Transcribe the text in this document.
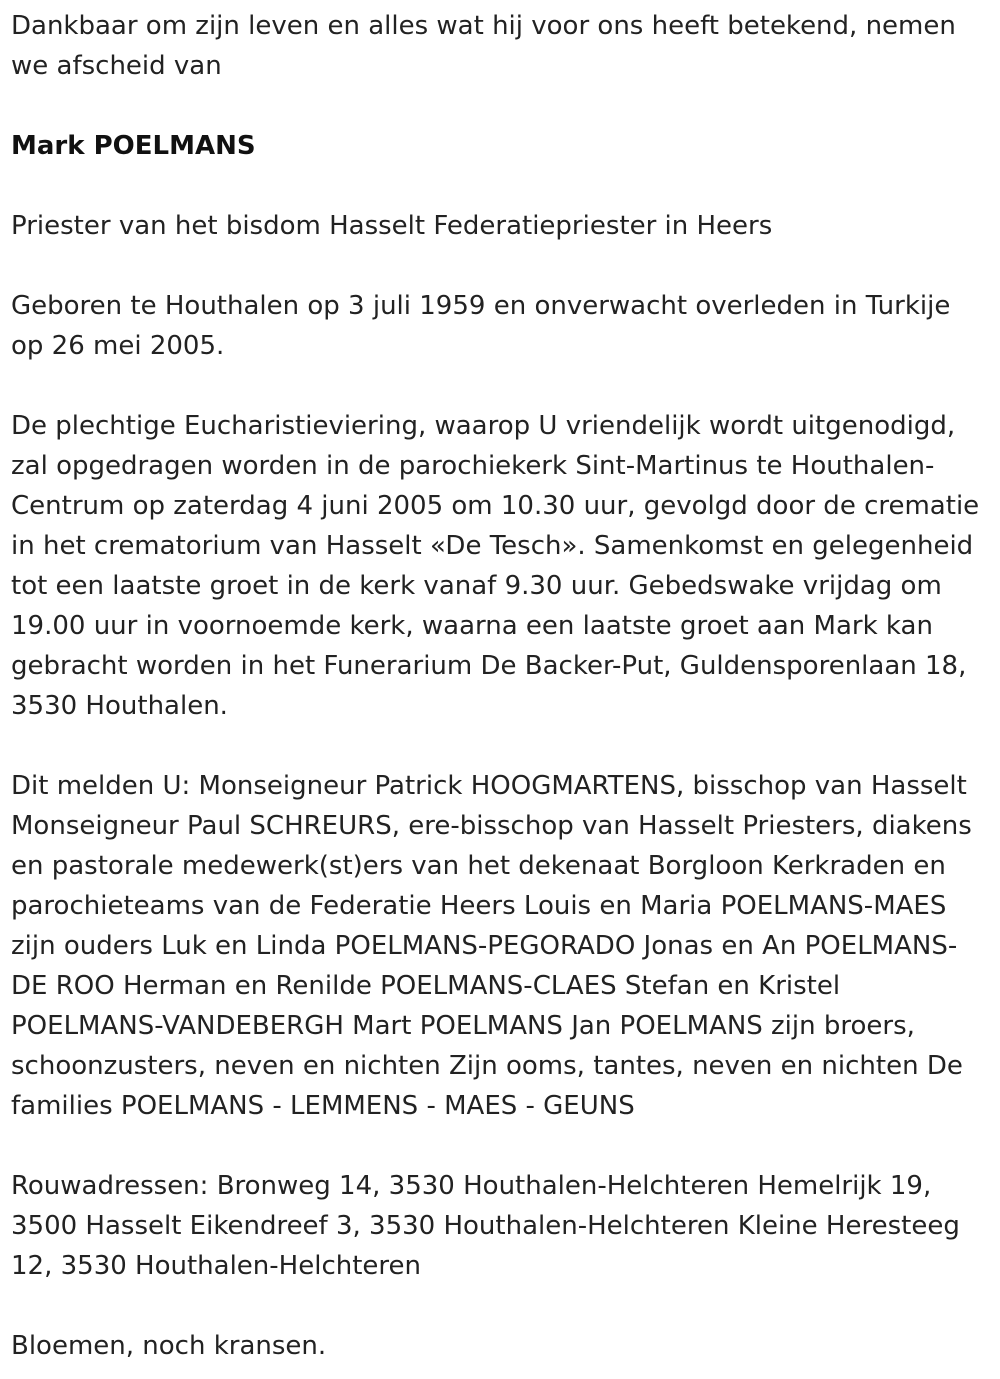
Dankbaar om zijn leven en alles wat hij voor ons heeft betekend, nemen we afscheid van

Mark POELMANS

Priester van het bisdom Hasselt Federatiepriester in Heers

Geboren te Houthalen op 3 juli 1959 en onverwacht overleden in Turkije op 26 mei 2005.

De plechtige Eucharistieviering, waarop U vriendelijk wordt uitgenodigd, zal opgedragen worden in de parochiekerk Sint-Martinus te Houthalen-Centrum op zaterdag 4 juni 2005 om 10.30 uur, gevolgd door de crematie in het crematorium van Hasselt «De Tesch». Samenkomst en gelegenheid tot een laatste groet in de kerk vanaf 9.30 uur. Gebedswake vrijdag om 19.00 uur in voornoemde kerk, waarna een laatste groet aan Mark kan gebracht worden in het Funerarium De Backer-Put, Guldensporenlaan 18, 3530 Houthalen.

Dit melden U: Monseigneur Patrick HOOGMARTENS, bisschop van Hasselt Monseigneur Paul SCHREURS, ere-bisschop van Hasselt Priesters, diakens en pastorale medewerk(st)ers van het dekenaat Borgloon Kerkraden en parochieteams van de Federatie Heers Louis en Maria POELMANS-MAES zijn ouders Luk en Linda POELMANS-PEGORADO Jonas en An POELMANS-DE ROO Herman en Renilde POELMANS-CLAES Stefan en Kristel POELMANS-VANDEBERGH Mart POELMANS Jan POELMANS zijn broers, schoonzusters, neven en nichten Zijn ooms, tantes, neven en nichten De families POELMANS - LEMMENS - MAES - GEUNS

Rouwadressen: Bronweg 14, 3530 Houthalen-Helchteren Hemelrijk 19, 3500 Hasselt Eikendreef 3, 3530 Houthalen-Helchteren Kleine Heresteeg 12, 3530 Houthalen-Helchteren

Bloemen, noch kransen.
